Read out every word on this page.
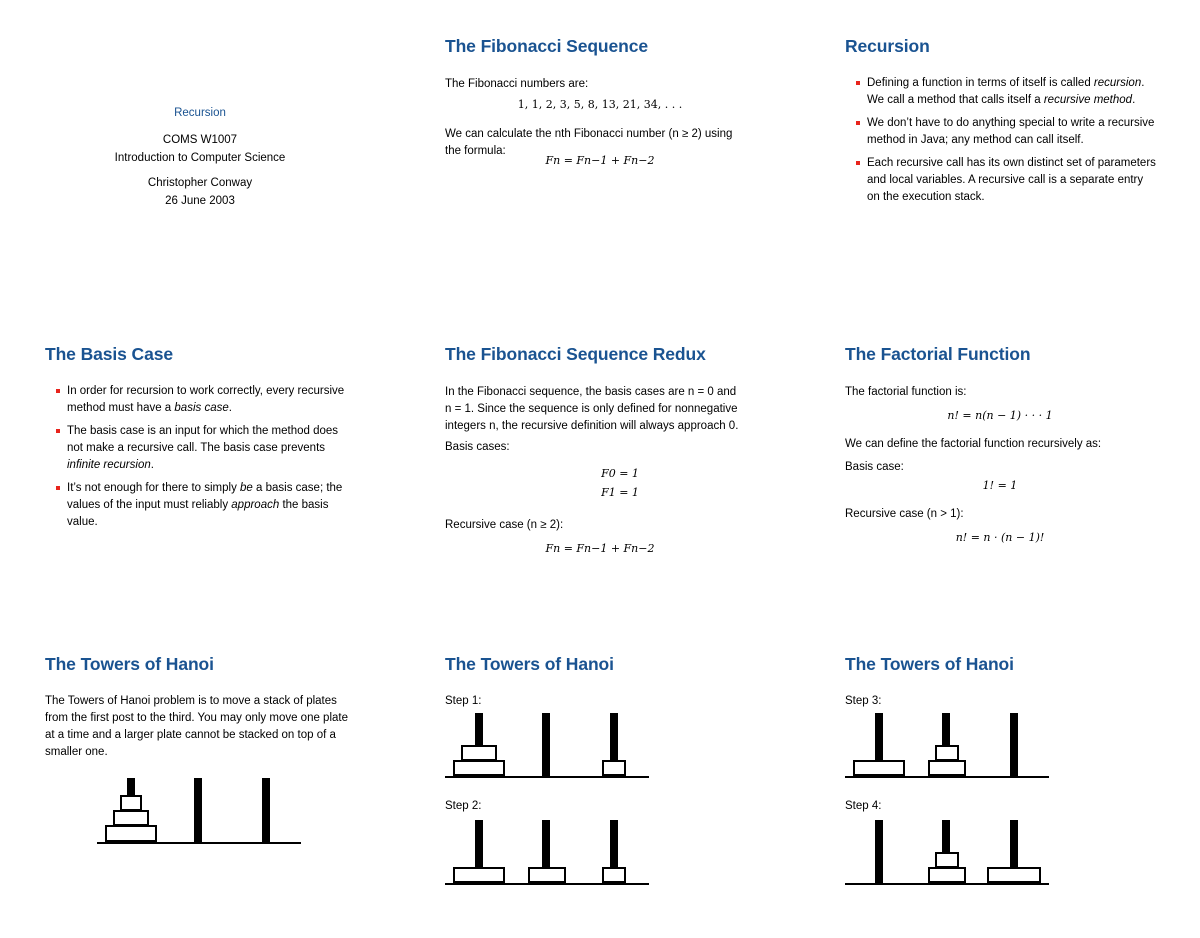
Recursion
COMS W1007
Introduction to Computer Science
Christopher Conway
26 June 2003
The Fibonacci Sequence

The Fibonacci numbers are:

1, 1, 2, 3, 5, 8, 13, 21, 34, . . .

We can calculate the nth Fibonacci number (n ≥ 2) using

the formula:

Fn = Fn−1 + Fn−2

Recursion
Defining a function in terms of itself is called recursion. We call a method that calls itself a recursive method.
We don’t have to do anything special to write a recursive method in Java; any method can call itself.
Each recursive call has its own distinct set of parameters and local variables. A recursive call is a separate entry on the execution stack.
The Basis Case
In order for recursion to work correctly, every recursive method must have a basis case.
The basis case is an input for which the method does not make a recursive call. The basis case prevents infinite recursion.
It’s not enough for there to simply be a basis case; the values of the input must reliably approach the basis value.
The Fibonacci Sequence Redux

In the Fibonacci sequence, the basis cases are n = 0 and

n = 1. Since the sequence is only defined for nonnegative

integers n, the recursive definition will always approach 0.

Basis cases:

F0 = 1

F1 = 1

Recursive case (n ≥ 2):

Fn = Fn−1 + Fn−2

The Factorial Function

The factorial function is:

n! = n(n − 1) · · · 1

We can define the factorial function recursively as:

Basis case:

1! = 1

Recursive case (n > 1):

n! = n · (n − 1)!

The Towers of Hanoi

The Towers of Hanoi problem is to move a stack of plates from the first post to the third. You may only move one plate at a time and a larger plate cannot be stacked on top of a smaller one.

The Towers of Hanoi

Step 1:

Step 2:

The Towers of Hanoi

Step 3:

Step 4:
